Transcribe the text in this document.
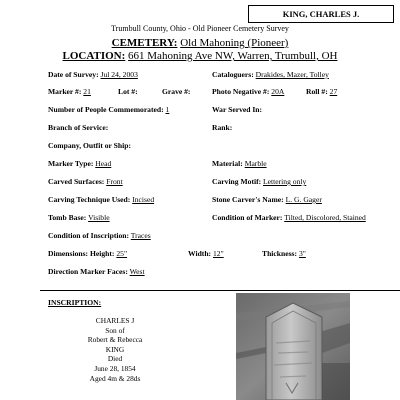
KING, CHARLES J.
Trumbull County, Ohio - Old Pioneer Cemetery Survey
CEMETERY: Old Mahoning (Pioneer)
LOCATION: 661 Mahoning Ave NW, Warren, Trumbull, OH
Date of Survey: Jul 24, 2003	Cataloguers: Drakides, Mazer, Tolley
Marker #: 21	Lot #:	Grave #:	Photo Negative #: 20A	Roll #: 27
Number of People Commemorated: 1	War Served In:
Branch of Service:	Rank:
Company, Outfit or Ship:
Marker Type: Head	Material: Marble
Carved Surfaces: Front	Carving Motif: Lettering only
Carving Technique Used: Incised	Stone Carver's Name: L. G. Gager
Tomb Base: Visible	Condition of Marker: Tilted, Discolored, Stained
Condition of Inscription: Traces
Dimensions: Height: 25"	Width: 12"	Thickness: 3"
Direction Marker Faces: West
INSCRIPTION:
CHARLES J
Son of
Robert & Rebecca
KING
Died
June 28, 1854
Aged 4m & 28ds
